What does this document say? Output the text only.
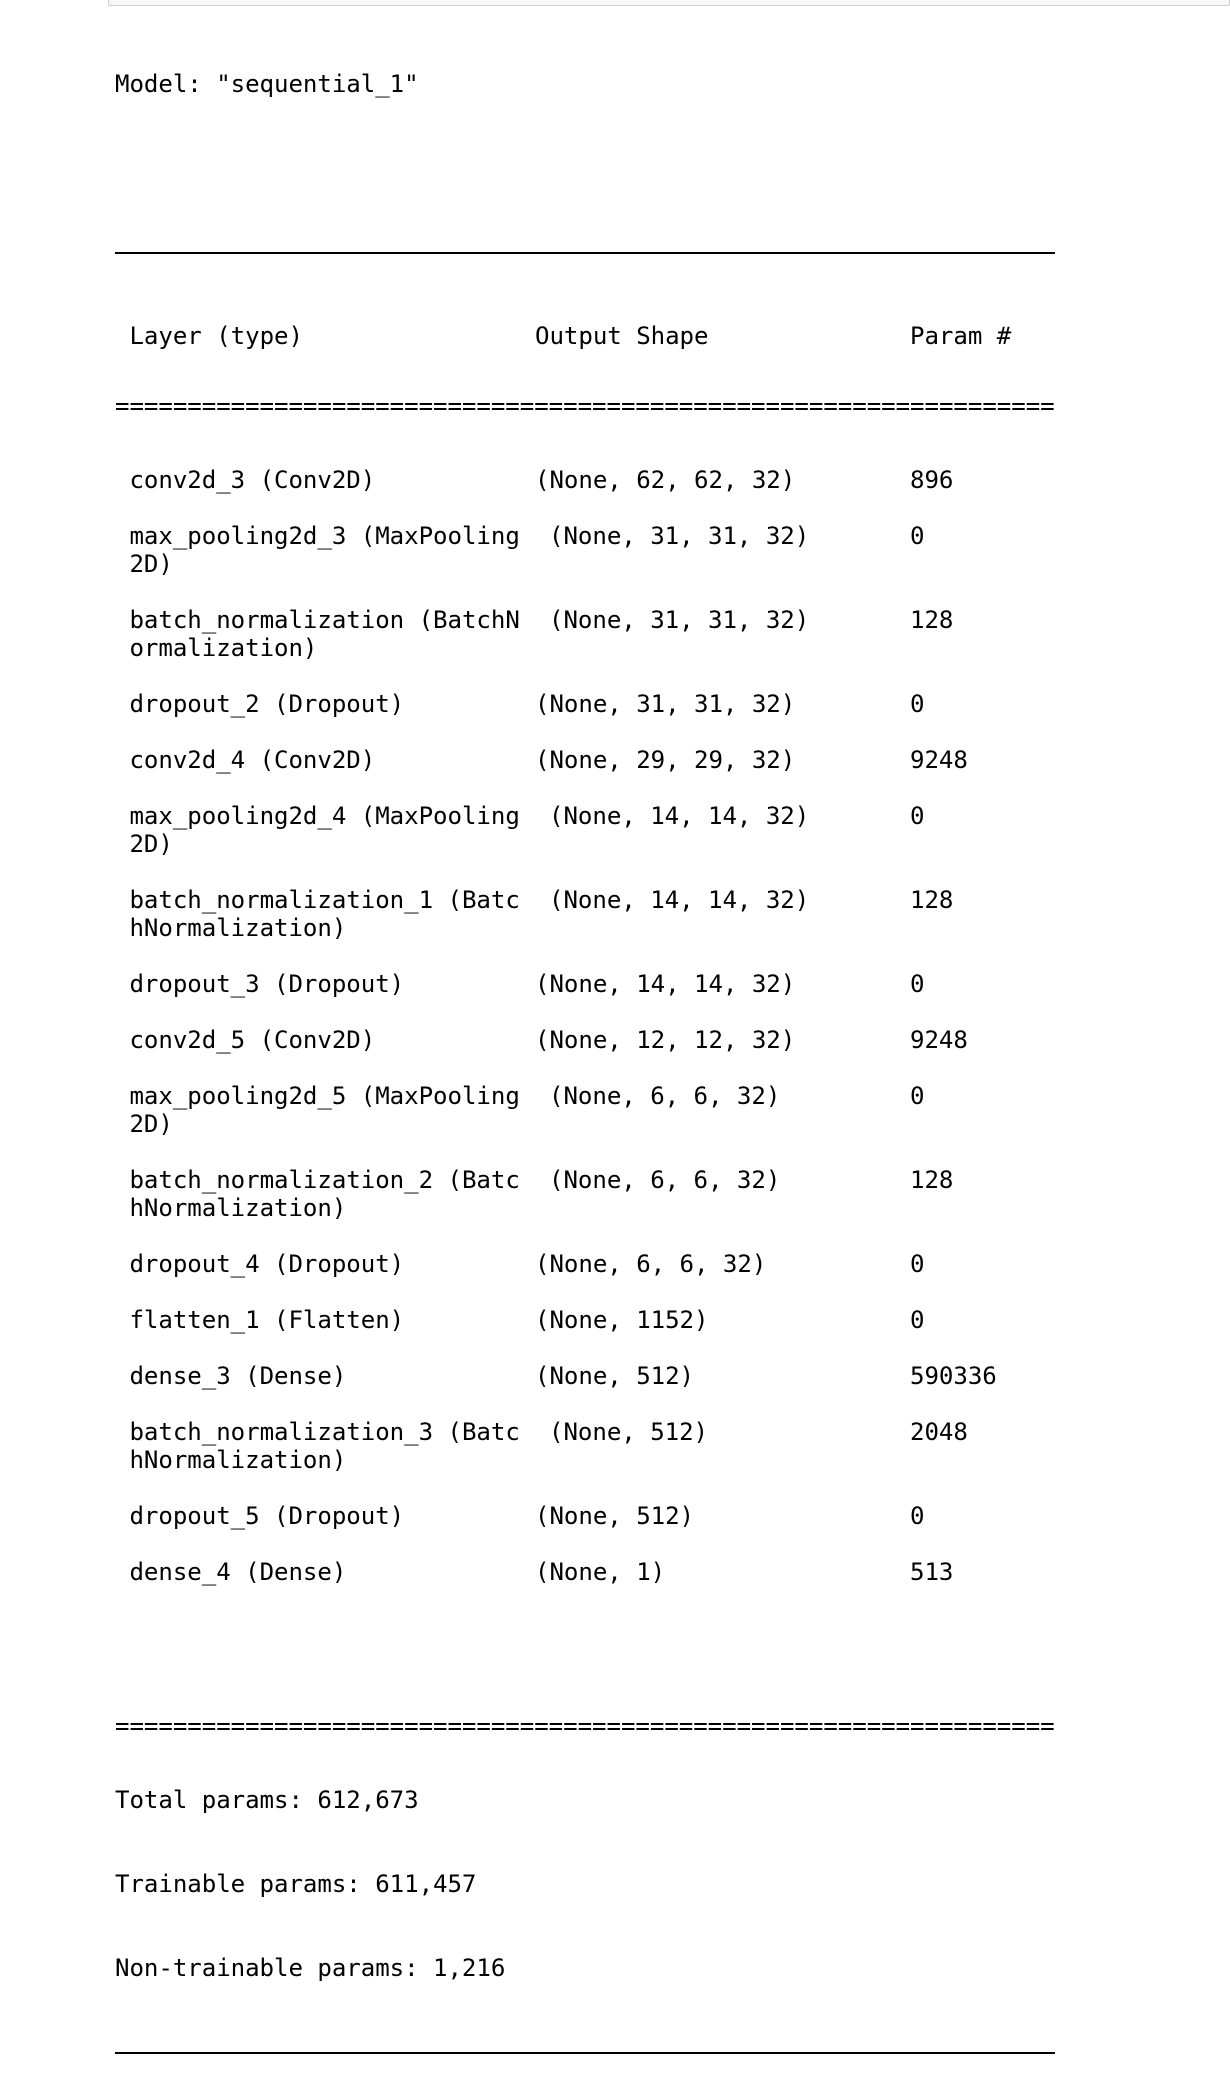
Model: "sequential_1"

Layer (type)	Output Shape	Param #

=================================================================

conv2d_3 (Conv2D)	(None, 62, 62, 32)	896
max_pooling2d_3 (MaxPooling (None, 31, 31, 32)	0
2D)
batch_normalization (BatchN (None, 31, 31, 32)	128
ormalization)
dropout_2 (Dropout)	(None, 31, 31, 32)	0
conv2d_4 (Conv2D)	(None, 29, 29, 32)	9248
max_pooling2d_4 (MaxPooling (None, 14, 14, 32)	0
2D)
batch_normalization_1 (Batc (None, 14, 14, 32)	128
hNormalization)
dropout_3 (Dropout)	(None, 14, 14, 32)	0
conv2d_5 (Conv2D)	(None, 12, 12, 32)	9248
max_pooling2d_5 (MaxPooling (None, 6, 6, 32)	0
2D)
batch_normalization_2 (Batc (None, 6, 6, 32)	128
hNormalization)
dropout_4 (Dropout)	(None, 6, 6, 32)	0
flatten_1 (Flatten)	(None, 1152)	0
dense_3 (Dense)	(None, 512)	590336
batch_normalization_3 (Batc (None, 512)	2048
hNormalization)
dropout_5 (Dropout)	(None, 512)	0
dense_4 (Dense)	(None, 1)	513

=================================================================

Total params: 612,673

Trainable params: 611,457

Non-trainable params: 1,216
